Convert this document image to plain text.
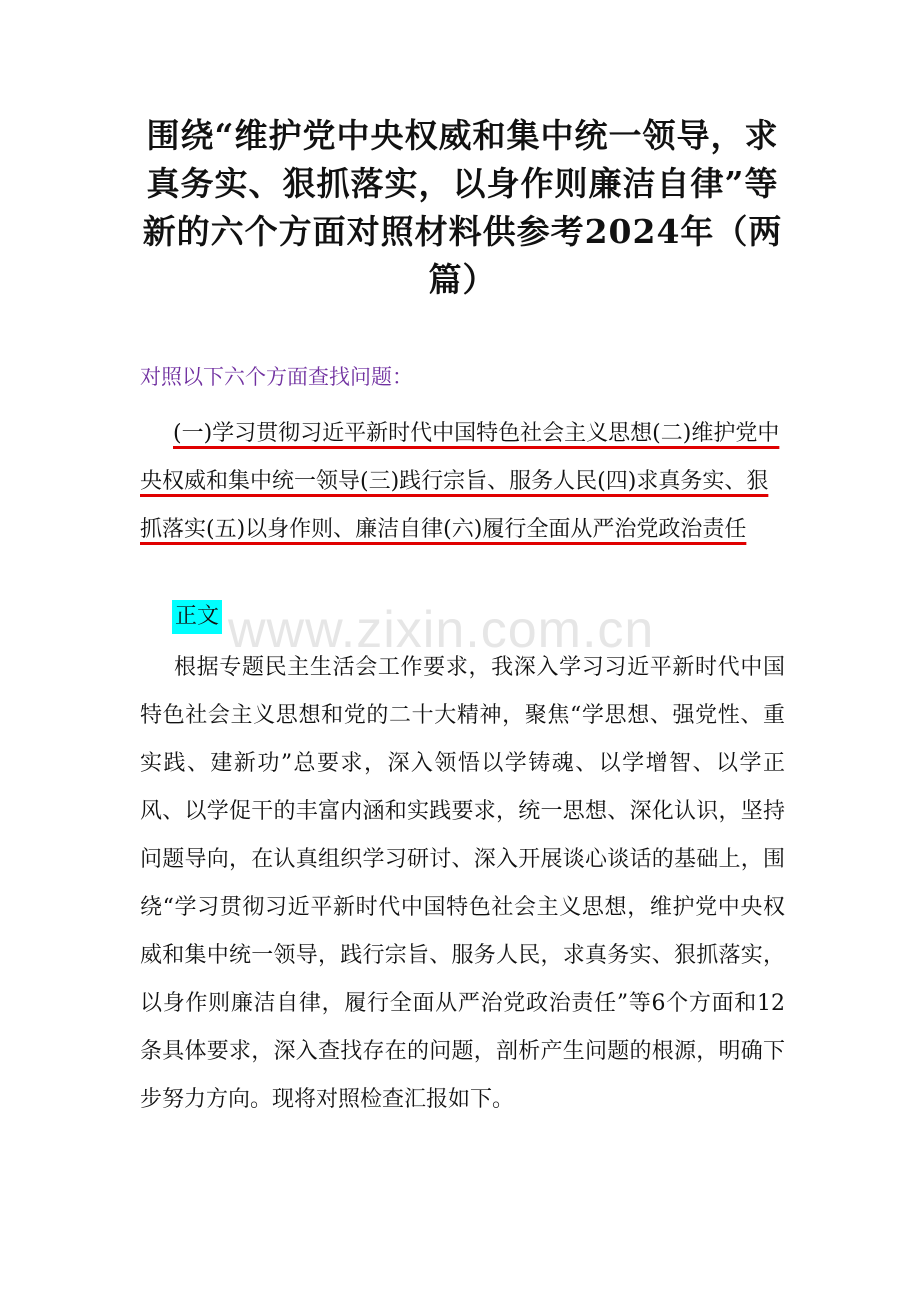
围绕“维护党中央权威和集中统一领导，求真务实、狠抓落实，以身作则廉洁自律”等新的六个方面对照材料供参考2024年（两篇）

对照以下六个方面查找问题：

(一)学习贯彻习近平新时代中国特色社会主义思想(二)维护党中央权威和集中统一领导(三)践行宗旨、服务人民(四)求真务实、狠抓落实(五)以身作则、廉洁自律(六)履行全面从严治党政治责任

正文 www.zixin.com.cn

根据专题民主生活会工作要求，我深入学习习近平新时代中国特色社会主义思想和党的二十大精神，聚焦“学思想、强党性、重实践、建新功”总要求，深入领悟以学铸魂、以学增智、以学正风、以学促干的丰富内涵和实践要求，统一思想、深化认识，坚持问题导向，在认真组织学习研讨、深入开展谈心谈话的基础上，围绕“学习贯彻习近平新时代中国特色社会主义思想，维护党中央权威和集中统一领导，践行宗旨、服务人民，求真务实、狠抓落实，以身作则廉洁自律，履行全面从严治党政治责任”等6个方面和12条具体要求，深入查找存在的问题，剖析产生问题的根源，明确下步努力方向。现将对照检查汇报如下。
